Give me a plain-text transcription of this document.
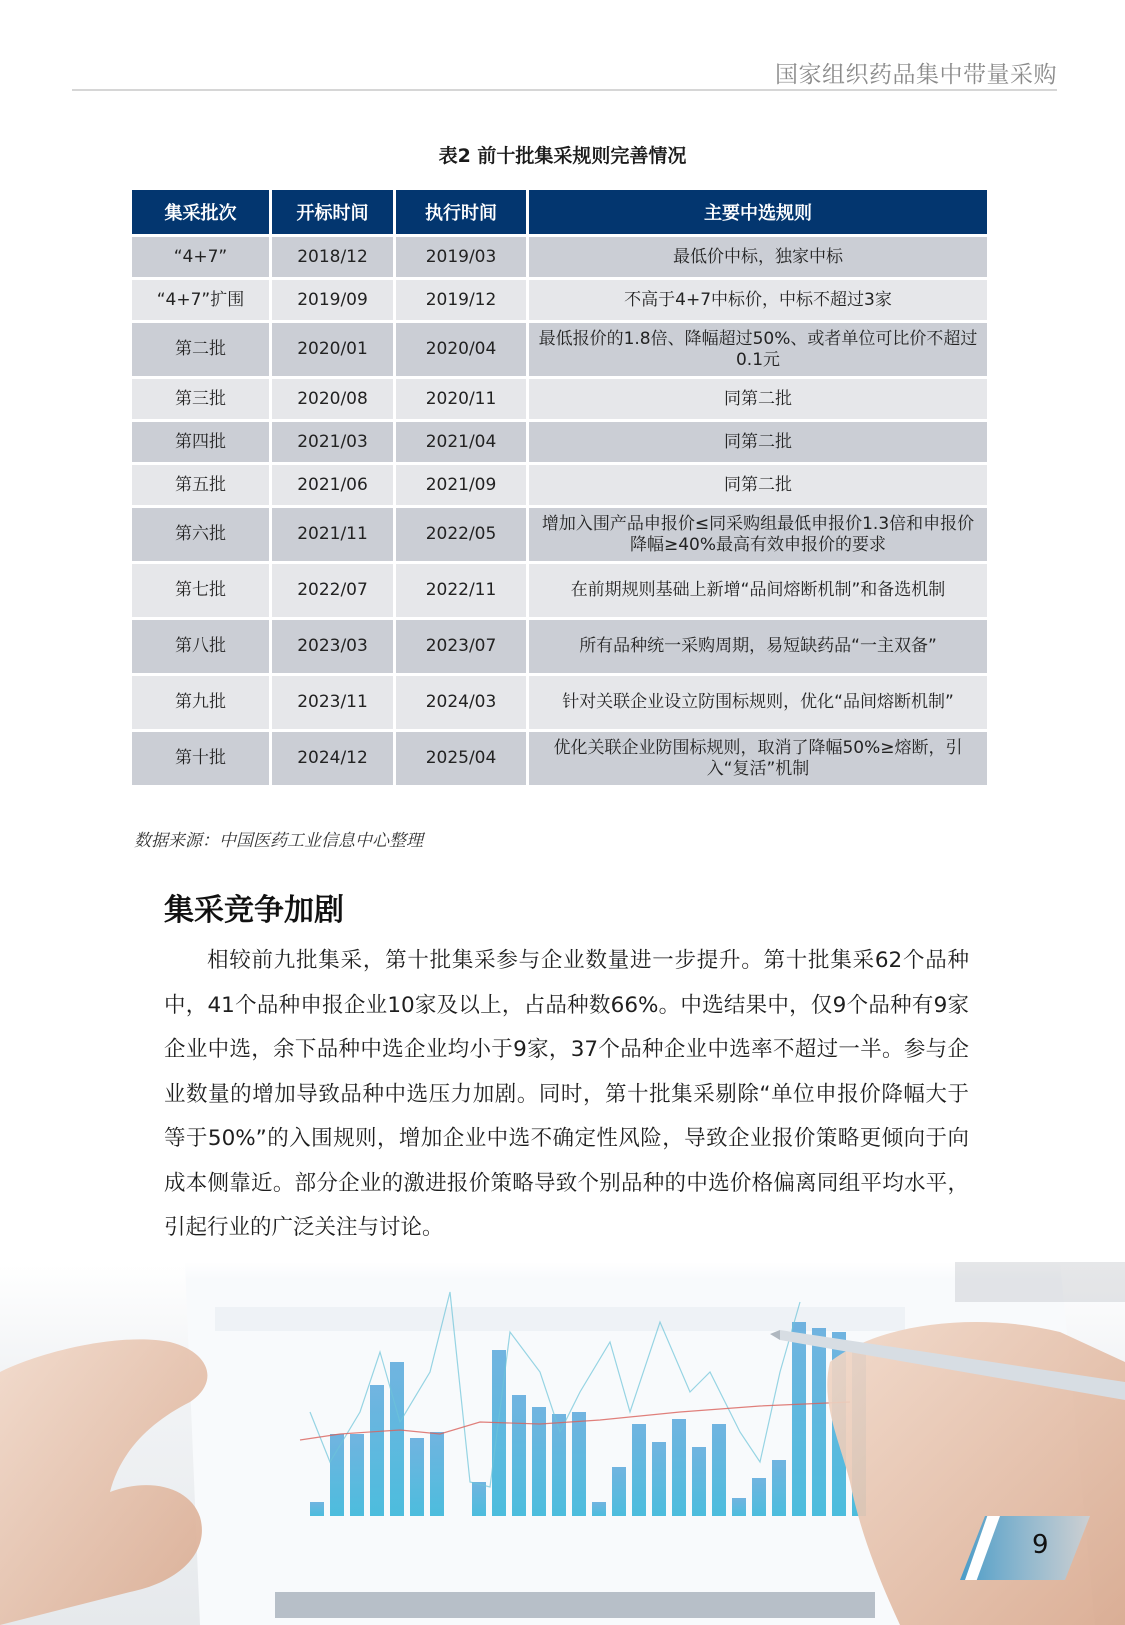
国家组织药品集中带量采购
表2 前十批集采规则完善情况
集采批次	开标时间	执行时间	主要中选规则
“4+7”	2018/12	2019/03	最低价中标，独家中标
“4+7”扩围	2019/09	2019/12	不高于4+7中标价，中标不超过3家
第二批	2020/01	2020/04	最低报价的1.8倍、降幅超过50%、或者单位可比价不超过0.1元
第三批	2020/08	2020/11	同第二批
第四批	2021/03	2021/04	同第二批
第五批	2021/06	2021/09	同第二批
第六批	2021/11	2022/05	增加入围产品申报价≤同采购组最低申报价1.3倍和申报价降幅≥40%最高有效申报价的要求
第七批	2022/07	2022/11	在前期规则基础上新增“品间熔断机制”和备选机制
第八批	2023/03	2023/07	所有品种统一采购周期，易短缺药品“一主双备”
第九批	2023/11	2024/03	针对关联企业设立防围标规则，优化“品间熔断机制”
第十批	2024/12	2025/04	优化关联企业防围标规则，取消了降幅50%≥熔断，引入“复活”机制
数据来源：中国医药工业信息中心整理
集采竞争加剧
相较前九批集采，第十批集采参与企业数量进一步提升。第十批集采62个品种中，41个品种申报企业10家及以上，占品种数66%。中选结果中，仅9个品种有9家企业中选，余下品种中选企业均小于9家，37个品种企业中选率不超过一半。参与企业数量的增加导致品种中选压力加剧。同时，第十批集采剔除“单位申报价降幅大于等于50%”的入围规则，增加企业中选不确定性风险，导致企业报价策略更倾向于向成本侧靠近。部分企业的激进报价策略导致个别品种的中选价格偏离同组平均水平，引起行业的广泛关注与讨论。
9
